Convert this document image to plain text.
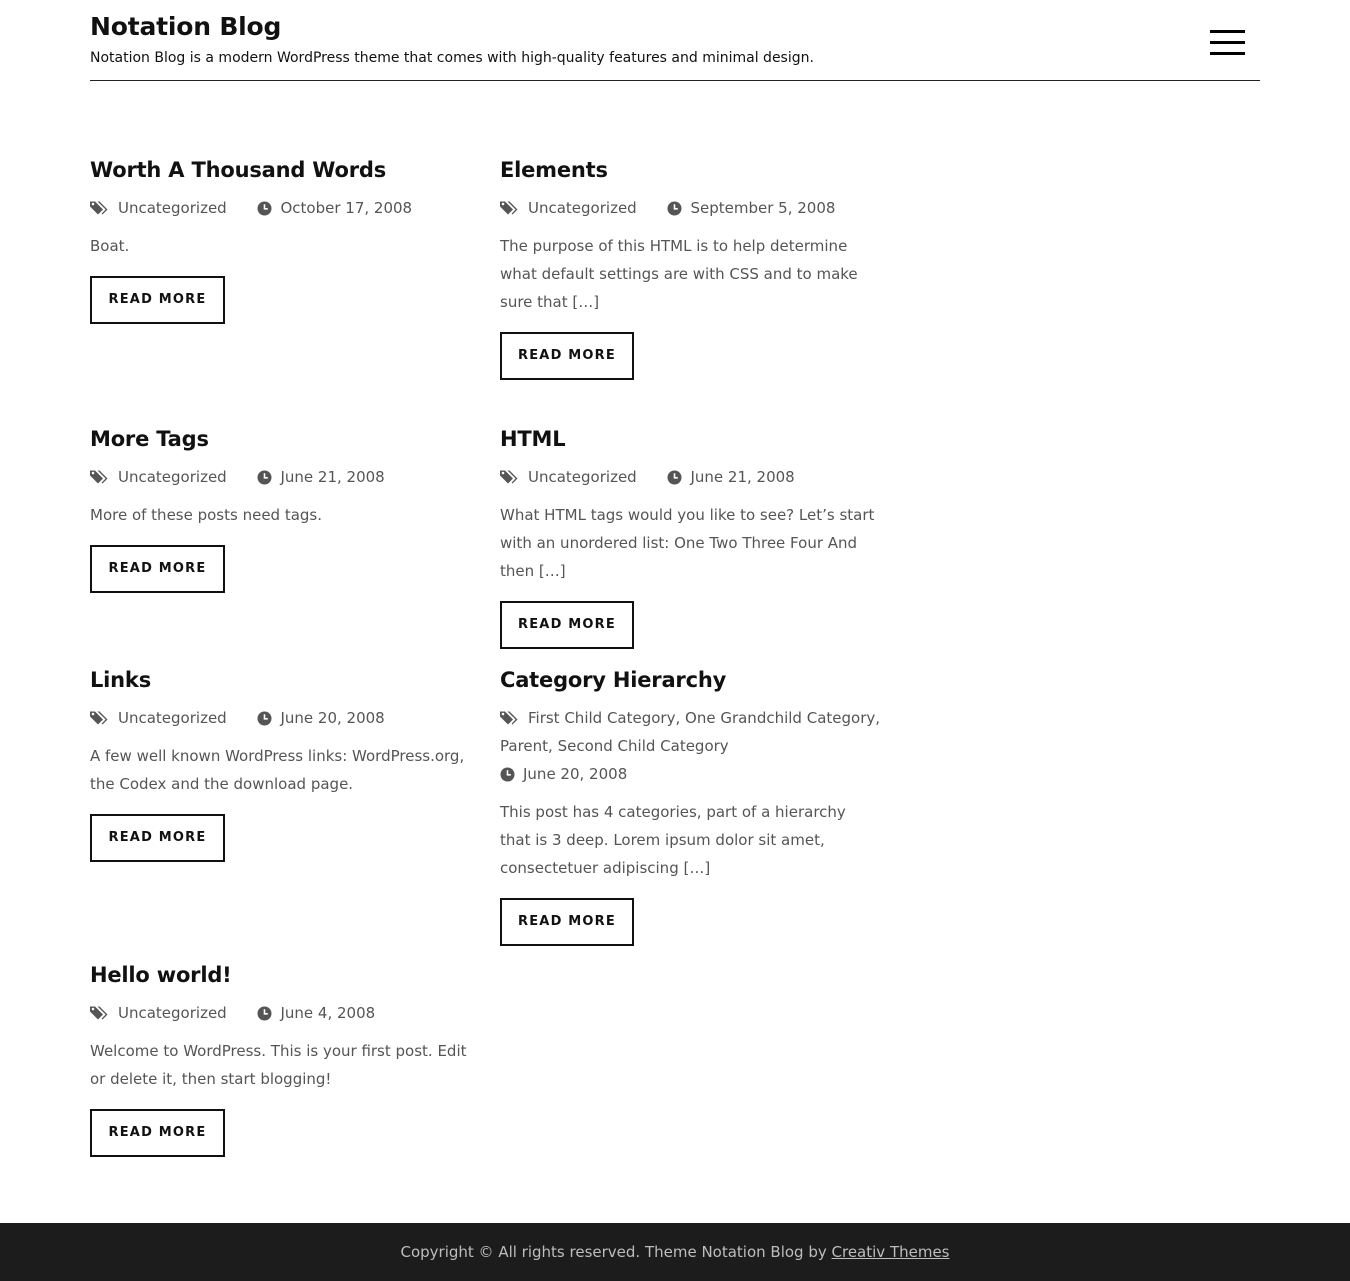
Notation Blog
Notation Blog is a modern WordPress theme that comes with high-quality features and minimal design.
Worth A Thousand Words
Uncategorized	October 17, 2008

Boat.

READ MORE
Elements
Uncategorized	September 5, 2008

The purpose of this HTML is to help determine what default settings are with CSS and to make sure that […]

READ MORE
More Tags
Uncategorized	June 21, 2008

More of these posts need tags.

READ MORE
HTML
Uncategorized	June 21, 2008

What HTML tags would you like to see? Let’s start with an unordered list: One Two Three Four And then […]

READ MORE
Links
Uncategorized	June 20, 2008

A few well known WordPress links: WordPress.org, the Codex and the download page.

READ MORE
Category Hierarchy
First Child Category, One Grandchild Category, Parent, Second Child Category
June 20, 2008

This post has 4 categories, part of a hierarchy that is 3 deep. Lorem ipsum dolor sit amet, consectetuer adipiscing […]

READ MORE
Hello world!
Uncategorized	June 4, 2008

Welcome to WordPress. This is your first post. Edit or delete it, then start blogging!

READ MORE
Copyright © All rights reserved. Theme Notation Blog by Creativ Themes
